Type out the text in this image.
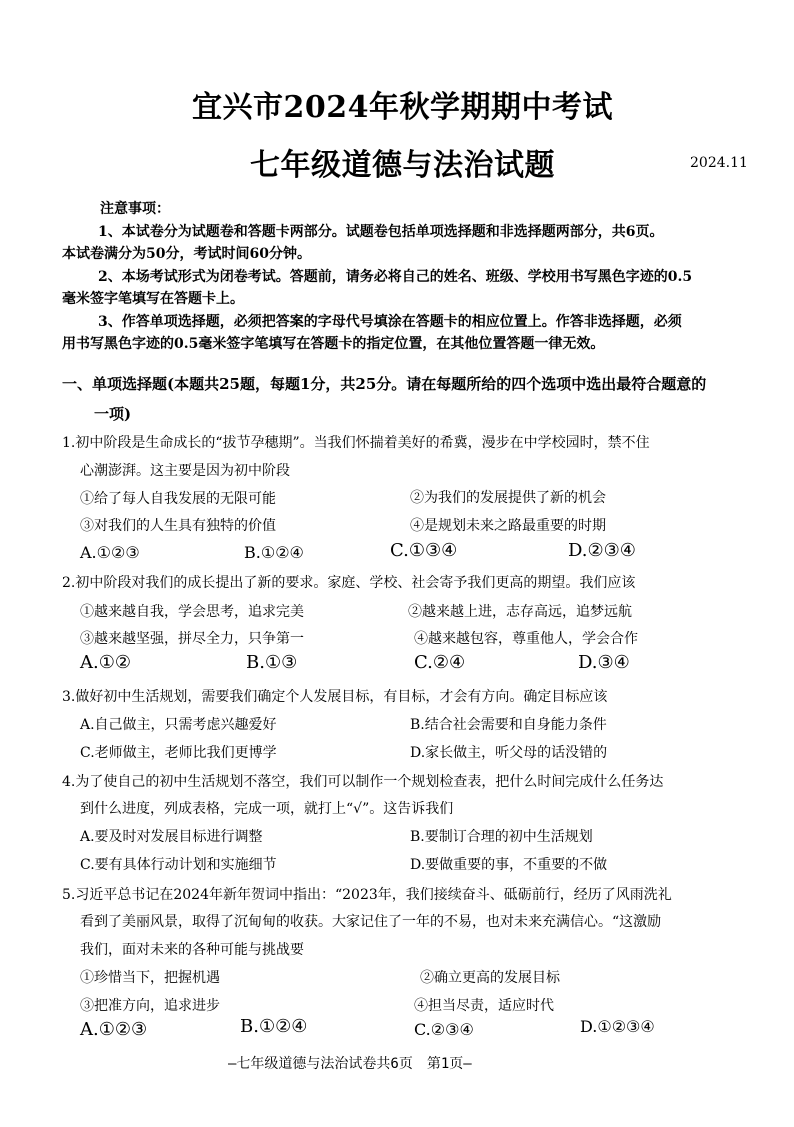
宜兴市2024年秋学期期中考试
七年级道德与法治试题	2024.11
注意事项：
1、本试卷分为试题卷和答题卡两部分。试题卷包括单项选择题和非选择题两部分，共6页。
本试卷满分为50分，考试时间60分钟。
2、本场考试形式为闭卷考试。答题前，请务必将自己的姓名、班级、学校用书写黑色字迹的0.5
毫米签字笔填写在答题卡上。
3、作答单项选择题，必须把答案的字母代号填涂在答题卡的相应位置上。作答非选择题，必须
用书写黑色字迹的0.5毫米签字笔填写在答题卡的指定位置，在其他位置答题一律无效。
一、单项选择题(本题共25题，每题1分，共25分。请在每题所给的四个选项中选出最符合题意的
一项)
1.初中阶段是生命成长的“拔节孕穗期”。当我们怀揣着美好的希冀，漫步在中学校园时，禁不住
心潮澎湃。这主要是因为初中阶段
①给了每人自我发展的无限可能	②为我们的发展提供了新的机会
③对我们的人生具有独特的价值	④是规划未来之路最重要的时期
A.①②③	B.①②④	C.①③④	D.②③④
2.初中阶段对我们的成长提出了新的要求。家庭、学校、社会寄予我们更高的期望。我们应该
①越来越自我，学会思考，追求完美	②越来越上进，志存高远，追梦远航
③越来越坚强，拼尽全力，只争第一	④越来越包容，尊重他人，学会合作
A.①②	B.①③	C.②④	D.③④
3.做好初中生活规划，需要我们确定个人发展目标，有目标，才会有方向。确定目标应该
A.自己做主，只需考虑兴趣爱好	B.结合社会需要和自身能力条件
C.老师做主，老师比我们更博学	D.家长做主，听父母的话没错的
4.为了使自己的初中生活规划不落空，我们可以制作一个规划检查表，把什么时间完成什么任务达
到什么进度，列成表格，完成一项，就打上“√”。这告诉我们
A.要及时对发展目标进行调整	B.要制订合理的初中生活规划
C.要有具体行动计划和实施细节	D.要做重要的事，不重要的不做
5.习近平总书记在2024年新年贺词中指出：“2023年，我们接续奋斗、砥砺前行，经历了风雨洗礼
看到了美丽风景，取得了沉甸甸的收获。大家记住了一年的不易，也对未来充满信心。“这激励
我们，面对未来的各种可能与挑战要
①珍惜当下，把握机遇	②确立更高的发展目标
③把准方向，追求进步	④担当尽责，适应时代
A.①②③	B.①②④	C.②③④	D.①②③④
—七年级道德与法治试卷共6页　第1页—
